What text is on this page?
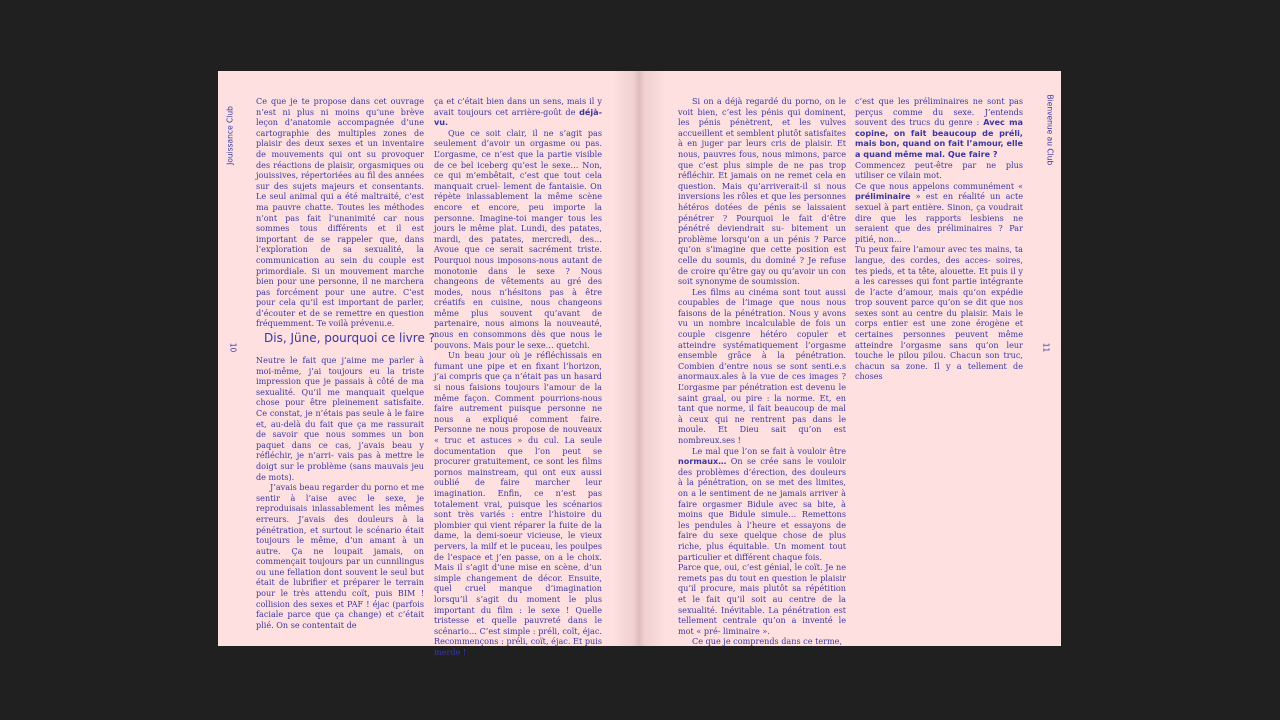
Jouissance Club
10

Ce que je te propose dans cet ouvrage n’est ni plus ni moins qu’une brève leçon d’anatomie accompagnée d’une cartographie des multiples zones de plaisir des deux sexes et un inventaire de mouvements qui ont su provoquer des réactions de plaisir, orgasmiques ou jouissives, répertoriées au fil des années sur des sujets majeurs et consentants. Le seul animal qui a été maltraité, c’est ma pauvre chatte. Toutes les méthodes n’ont pas fait l’unanimité car nous sommes tous différents et il est important de se rappeler que, dans l’exploration de sa sexualité, la communication au sein du couple est primordiale. Si un mouvement marche bien pour une personne, il ne marchera pas forcément pour une autre. C’est pour cela qu’il est important de parler, d’écouter et de se remettre en question fréquemment. Te voilà prévenu.e.

Dis, Jüne, pourquoi ce livre ?

Neutre le fait que j’aime me parler à moi-même, j’ai toujours eu la triste impression que je passais à côté de ma sexualité. Qu’il me manquait quelque chose pour être pleinement satisfaite. Ce constat, je n’étais pas seule à le faire et, au-delà du fait que ça me rassurait de savoir que nous sommes un bon paquet dans ce cas, j’avais beau y réfléchir, je n’arri- vais pas à mettre le doigt sur le problème (sans mauvais jeu de mots).

J’avais beau regarder du porno et me sentir à l’aise avec le sexe, je reproduisais inlassablement les mêmes erreurs. J’avais des douleurs à la pénétration, et surtout le scénario était toujours le même, d’un amant à un autre. Ça ne loupait jamais, on commençait toujours par un cunnilingus ou une fellation dont souvent le seul but était de lubrifier et préparer le terrain pour le très attendu coït, puis BIM ! collision des sexes et PAF ! éjac (parfois faciale parce que ça change) et c’était plié. On se contentait de

ça et c’était bien dans un sens, mais il y avait toujours cet arrière-goût de déjà-vu.

Que ce soit clair, il ne s’agit pas seulement d’avoir un orgasme ou pas. L’orgasme, ce n’est que la partie visible de ce bel iceberg qu’est le sexe… Non, ce qui m’embêtait, c’est que tout cela manquait cruel- lement de fantaisie. On répète inlassablement la même scène encore et encore, peu importe la personne. Imagine-toi manger tous les jours le même plat. Lundi, des patates, mardi, des patates, mercredi, des… Avoue que ce serait sacrément triste. Pourquoi nous imposons-nous autant de monotonie dans le sexe ? Nous changeons de vêtements au gré des modes, nous n’hésitons pas à être créatifs en cuisine, nous changeons même plus souvent qu’avant de partenaire, nous aimons la nouveauté, nous en consommons dès que nous le pouvons. Mais pour le sexe… quetchi.

Un beau jour où je réfléchissais en fumant une pipe et en fixant l’horizon, j’ai compris que ça n’était pas un hasard si nous faisions toujours l’amour de la même façon. Comment pourrions-nous faire autrement puisque personne ne nous a expliqué comment faire. Personne ne nous propose de nouveaux « truc et astuces » du cul. La seule documentation que l’on peut se procurer gratuitement, ce sont les films pornos mainstream, qui ont eux aussi oublié de faire marcher leur imagination. Enfin, ce n’est pas totalement vrai, puisque les scénarios sont très variés : entre l’histoire du plombier qui vient réparer la fuite de la dame, la demi-soeur vicieuse, le vieux pervers, la milf et le puceau, les poulpes de l’espace et j’en passe, on a le choix. Mais il s’agit d’une mise en scène, d’un simple changement de décor. Ensuite, quel cruel manque d’imagination lorsqu’il s’agit du moment le plus important du film : le sexe ! Quelle tristesse et quelle pauvreté dans le scénario… C’est simple : préli, coït, éjac. Recommençons : préli, coït, éjac. Et puis merde !

Si on a déjà regardé du porno, on le voit bien, c’est les pénis qui dominent, les pénis pénètrent, et les vulves accueillent et semblent plutôt satisfaites à en juger par leurs cris de plaisir. Et nous, pauvres fous, nous mimons, parce que c’est plus simple de ne pas trop réfléchir. Et jamais on ne remet cela en question. Mais qu’arriverait-il si nous inversions les rôles et que les personnes hétéros dotées de pénis se laissaient pénétrer ? Pourquoi le fait d’être pénétré deviendrait su- bitement un problème lorsqu’on a un pénis ? Parce qu’on s’imagine que cette position est celle du soumis, du dominé ? Je refuse de croire qu’être gay ou qu’avoir un con soit synonyme de soumission.

Les films au cinéma sont tout aussi coupables de l’image que nous nous faisons de la pénétration. Nous y avons vu un nombre incalculable de fois un couple cisgenre hétéro copuler et atteindre systématiquement l’orgasme ensemble grâce à la pénétration. Combien d’entre nous se sont senti.e.s anormaux.ales à la vue de ces images ? L’orgasme par pénétration est devenu le saint graal, ou pire : la norme. Et, en tant que norme, il fait beaucoup de mal à ceux qui ne rentrent pas dans le moule. Et Dieu sait qu’on est nombreux.ses !

Le mal que l’on se fait à vouloir être normaux… On se crée sans le vouloir des problèmes d’érection, des douleurs à la pénétration, on se met des limites, on a le sentiment de ne jamais arriver à faire orgasmer Bidule avec sa bite, à moins que Bidule simule… Remettons les pendules à l’heure et essayons de faire du sexe quelque chose de plus riche, plus équitable. Un moment tout particulier et différent chaque fois.

Parce que, oui, c’est génial, le coït. Je ne remets pas du tout en question le plaisir qu’il procure, mais plutôt sa répétition et le fait qu’il soit au centre de la sexualité. Inévitable. La pénétration est tellement centrale qu’on a inventé le mot « pré- liminaire ».

Ce que je comprends dans ce terme,

c’est que les préliminaires ne sont pas perçus comme du sexe. J’entends souvent des trucs du genre : Avec ma copine, on fait beaucoup de préli, mais bon, quand on fait l’amour, elle a quand même mal. Que faire ?

Commencez peut-être par ne plus utiliser ce vilain mot.

Ce que nous appelons communément « préliminaire » est en réalité un acte sexuel à part entière. Sinon, ça voudrait dire que les rapports lesbiens ne seraient que des préliminaires ? Par pitié, non…

Tu peux faire l’amour avec tes mains, ta langue, des cordes, des acces- soires, tes pieds, et ta tête, alouette. Et puis il y a les caresses qui font partie intégrante de l’acte d’amour, mais qu’on expédie trop souvent parce qu’on se dit que nos sexes sont au centre du plaisir. Mais le corps entier est une zone érogène et certaines personnes peuvent même atteindre l’orgasme sans qu’on leur touche le pilou pilou. Chacun son truc, chacun sa zone. Il y a tellement de choses

Bienvenue au Club
11
